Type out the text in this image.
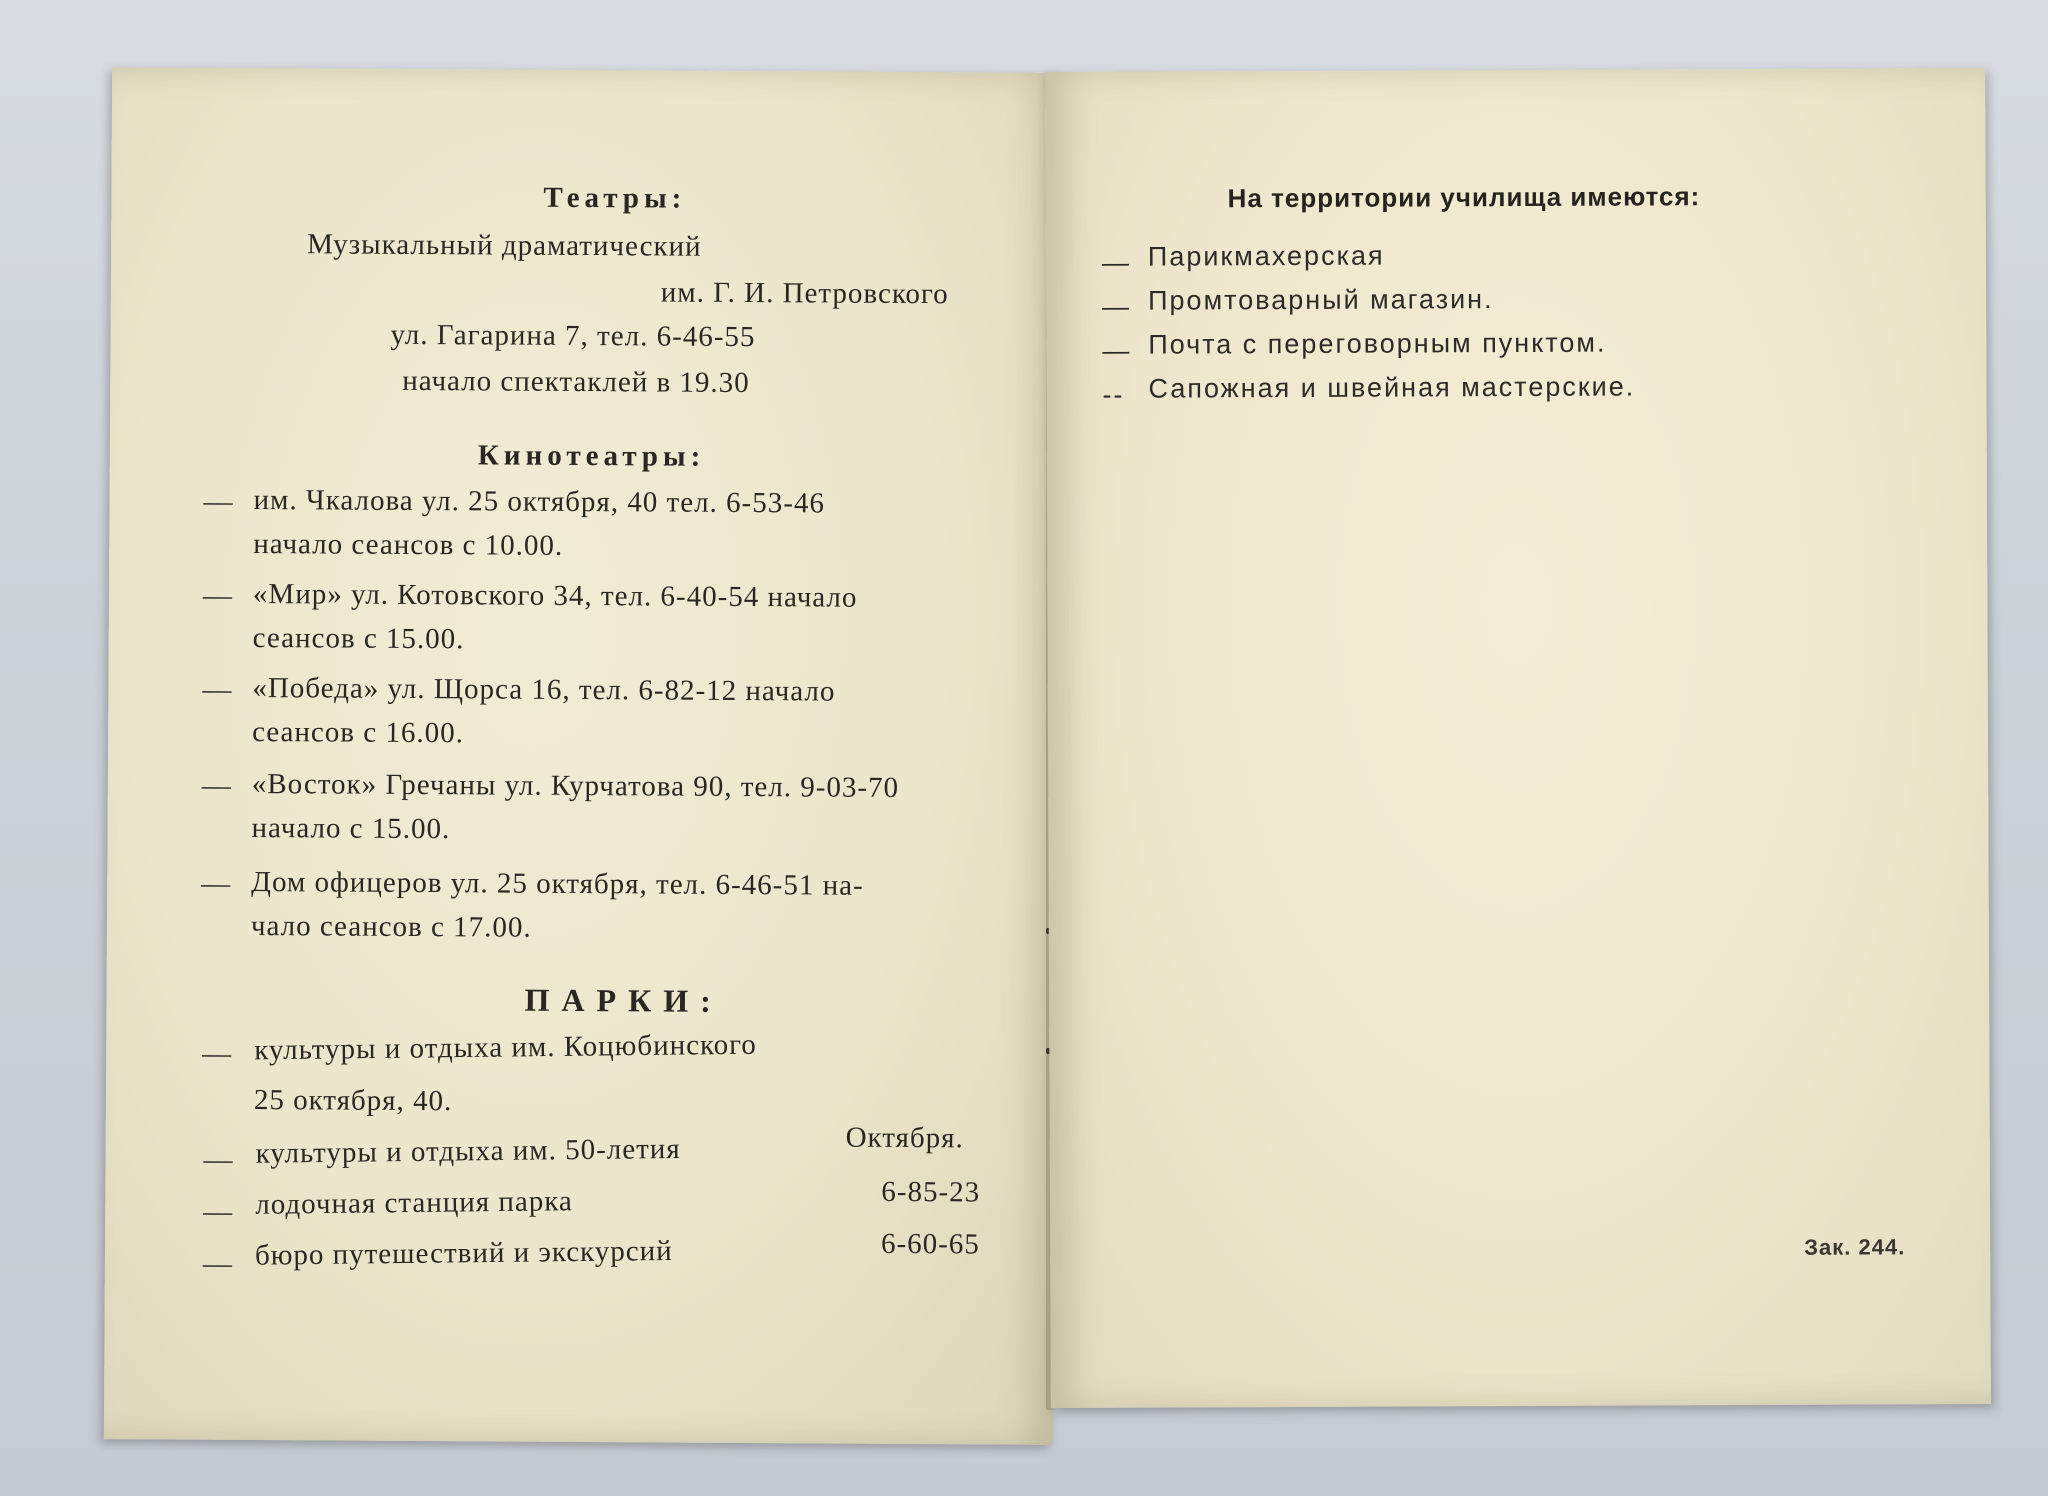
Театры:
Музыкальный драматический
им. Г. И. Петровского
ул. Гагарина 7, тел. 6-46-55
начало спектаклей в 19.30
Кинотеатры:
— им. Чкалова ул. 25 октября, 40 тел. 6-53-46
начало сеансов с 10.00.
— «Мир» ул. Котовского 34, тел. 6-40-54 начало
сеансов с 15.00.
— «Победа» ул. Щорса 16, тел. 6-82-12 начало
сеансов с 16.00.
— «Восток» Гречаны ул. Курчатова 90, тел. 9-03-70
начало с 15.00.
— Дом офицеров ул. 25 октября, тел. 6-46-51 на-
чало сеансов с 17.00.
ПАРКИ:
— культуры и отдыха им. Коцюбинского
25 октября, 40.
— культуры и отдыха им. 50-летия	Октября.
— лодочная станция парка	6-85-23
— бюро путешествий и экскурсий	6-60-65
На территории училища имеются:
— Парикмахерская
— Промтоварный магазин.
— Почта с переговорным пунктом.
-- Сапожная и швейная мастерские.
Зак. 244.
